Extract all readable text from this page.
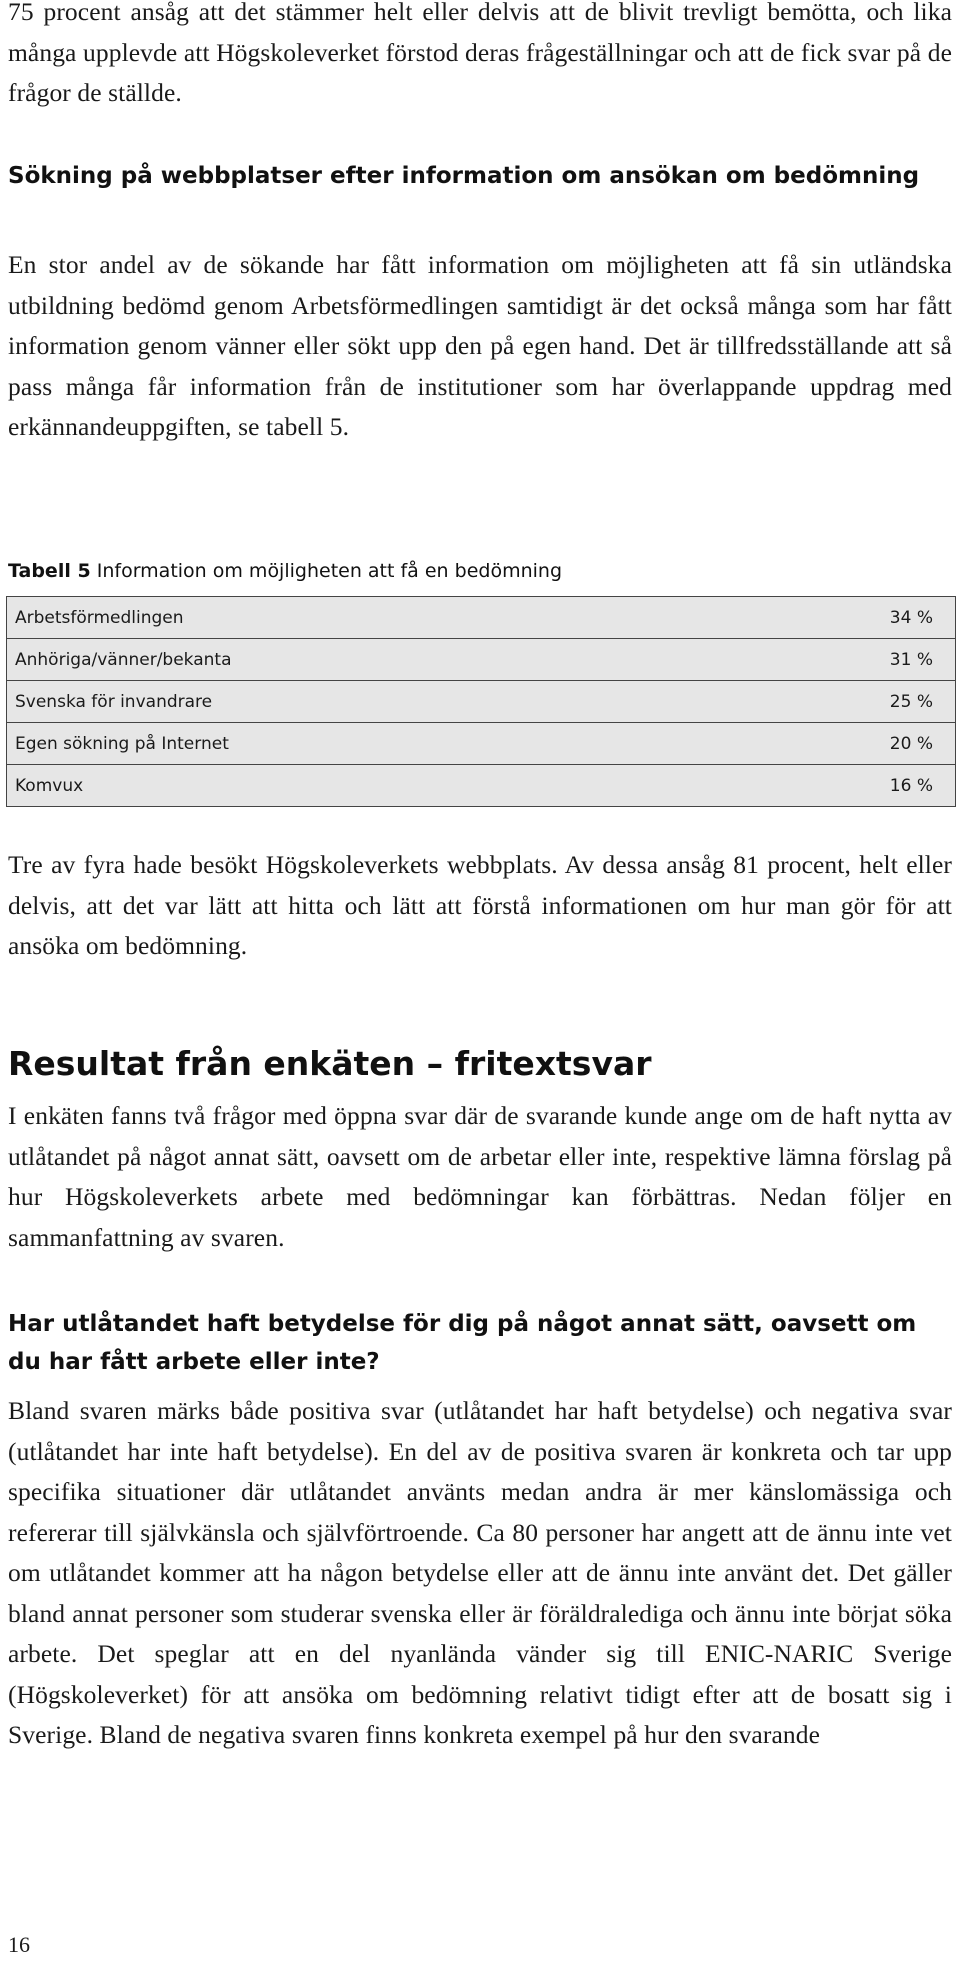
75 procent ansåg att det stämmer helt eller delvis att de blivit trevligt bemötta, och lika många upplevde att Högskoleverket förstod deras frågeställningar och att de fick svar på de frågor de ställde.

Sökning på webbplatser efter information om ansökan om bedömning

En stor andel av de sökande har fått information om möjligheten att få sin utländska utbildning bedömd genom Arbetsförmedlingen samtidigt är det också många som har fått information genom vänner eller sökt upp den på egen hand. Det är tillfredsställande att så pass många får information från de institutioner som har överlappande uppdrag med erkännandeuppgiften, se tabell 5.

Tabell 5 Information om möjligheten att få en bedömning
Arbetsförmedlingen	34 %
Anhöriga/vänner/bekanta	31 %
Svenska för invandrare	25 %
Egen sökning på Internet	20 %
Komvux	16 %

Tre av fyra hade besökt Högskoleverkets webbplats. Av dessa ansåg 81 procent, helt eller delvis, att det var lätt att hitta och lätt att förstå informationen om hur man gör för att ansöka om bedömning.

Resultat från enkäten – fritextsvar

I enkäten fanns två frågor med öppna svar där de svarande kunde ange om de haft nytta av utlåtandet på något annat sätt, oavsett om de arbetar eller inte, respektive lämna förslag på hur Högskoleverkets arbete med bedömningar kan förbättras. Nedan följer en sammanfattning av svaren.

Har utlåtandet haft betydelse för dig på något annat sätt, oavsett om du har fått arbete eller inte?

Bland svaren märks både positiva svar (utlåtandet har haft betydelse) och negativa svar (utlåtandet har inte haft betydelse). En del av de positiva svaren är konkreta och tar upp specifika situationer där utlåtandet använts medan andra är mer känslomässiga och refererar till självkänsla och självförtroende. Ca 80 personer har angett att de ännu inte vet om utlåtandet kommer att ha någon betydelse eller att de ännu inte använt det. Det gäller bland annat personer som studerar svenska eller är föräldralediga och ännu inte börjat söka arbete. Det speglar att en del nyanlända vänder sig till ENIC-NARIC Sverige (Högskoleverket) för att ansöka om bedömning relativt tidigt efter att de bosatt sig i Sverige. Bland de negativa svaren finns konkreta exempel på hur den svarande

16
